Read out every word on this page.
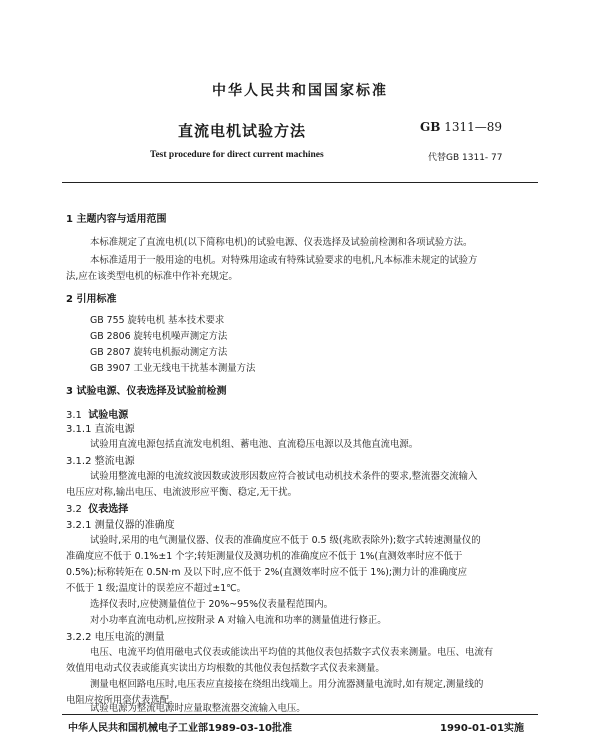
中华人民共和国国家标准
直流电机试验方法	GB 1311—89
Test procedure for direct current machines	代替GB 1311- 77
1 主题内容与适用范围
本标准规定了直流电机(以下简称电机)的试验电源、仪表选择及试验前检测和各项试验方法。
本标准适用于一般用途的电机。对特殊用途或有特殊试验要求的电机,凡本标准未规定的试验方
法,应在该类型电机的标准中作补充规定。
2 引用标准
GB 755 旋转电机 基本技术要求
GB 2806 旋转电机噪声测定方法
GB 2807 旋转电机振动测定方法
GB 3907 工业无线电干扰基本测量方法
3 试验电源、仪表选择及试验前检测
3.1 试验电源
3.1.1 直流电源
试验用直流电源包括直流发电机组、蓄电池、直流稳压电源以及其他直流电源。
3.1.2 整流电源
试验用整流电源的电流纹波因数或波形因数应符合被试电动机技术条件的要求,整流器交流输入
电压应对称,输出电压、电流波形应平衡、稳定,无干扰。
3.2 仪表选择
3.2.1 测量仪器的准确度
试验时,采用的电气测量仪器、仪表的准确度应不低于 0.5 级(兆欧表除外);数字式转速测量仪的
准确度应不低于 0.1%±1 个字;转矩测量仪及测功机的准确度应不低于 1%(直测效率时应不低于
0.5%);标称转矩在 0.5N·m 及以下时,应不低于 2%(直测效率时应不低于 1%);测力计的准确度应
不低于 1 级;温度计的误差应不超过±1℃。
选择仪表时,应使测量值位于 20%~95%仪表量程范围内。
对小功率直流电动机,应按附录 A 对输入电流和功率的测量值进行修正。
3.2.2 电压电流的测量
电压、电流平均值用磁电式仪表或能读出平均值的其他仪表包括数字式仪表来测量。电压、电流有
效值用电动式仪表或能真实读出方均根数的其他仪表包括数字式仪表来测量。
测量电枢回路电压时,电压表应直接接在绕组出线端上。用分流器测量电流时,如有规定,测量线的
电阻应按所用毫伏表选配。
试验电源为整流电源时应量取整流器交流输入电压。
中华人民共和国机械电子工业部1989-03-10批准	1990-01-01实施
